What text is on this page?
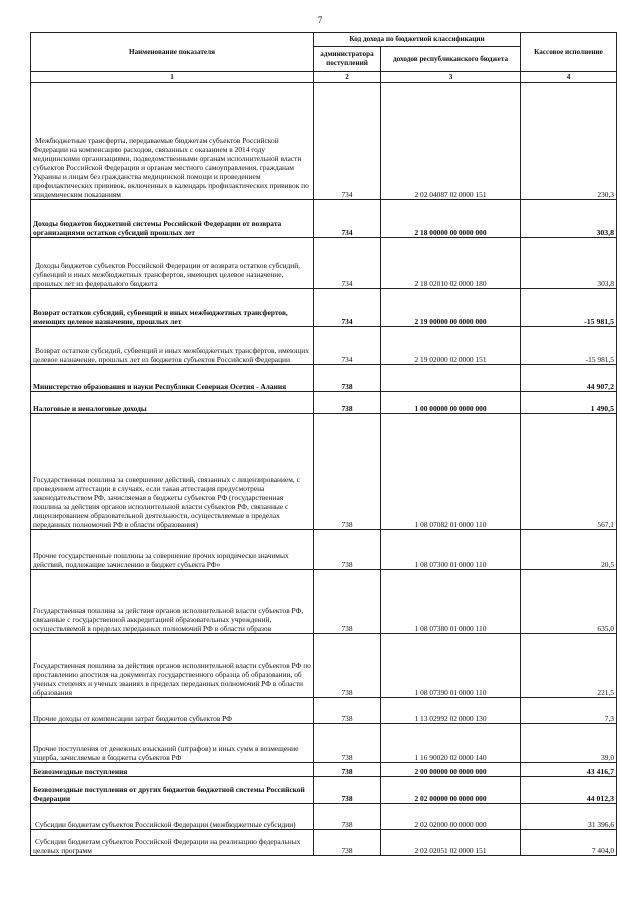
7
Наименование показателя	Код дохода по бюджетной классификации		Кассовое исполнение
	администратора поступлений	доходов республиканского бюджета	
1	2	3	4
Межбюджетные трансферты, передаваемые бюджетам субъектов Российской Федерации на компенсацию расходов, связанных с оказанием в 2014 году медицинскими организациями, подведомственными органам исполнительной власти субъектов Российской Федерации и органам местного самоуправления, гражданам Украины и лицам без гражданства медицинской помощи и проведением профилактических прививок, включенных в календарь профилактических прививок по эпидемическим показаниям	734	2 02 04087 02 0000 151	230,3
Доходы бюджетов бюджетной системы Российской Федерации от возврата организациями остатков субсидий прошлых лет	734	2 18 00000 00 0000 000	303,8
Доходы бюджетов субъектов Российской Федерации от возврата остатков субсидий, субвенций и иных межбюджетных трансфертов, имеющих целевое назначение, прошлых лет из федерального бюджета	734	2 18 02010 02 0000 180	303,8
Возврат остатков субсидий, субвенций и иных межбюджетных трансфертов, имеющих целевое назначение, прошлых лет	734	2 19 00000 00 0000 000	-15 981,5
Возврат остатков субсидий, субвенций и иных межбюджетных трансфертов, имеющих целевое назначение, прошлых лет из бюджетов субъектов Российской Федерации	734	2 19 02000 02 0000 151	-15 981,5
Министерство образования и науки Республики Северная Осетия - Алания	738		44 907,2
Налоговые и неналоговые доходы	738	1 00 00000 00 0000 000	1 490,5
Государственная пошлина за совершение действий, связанных с лицензированием, с проведением аттестации в случаях, если такая аттестация предусмотрена законодательством РФ, зачисляемая в бюджеты субъектов РФ (государственная пошлина за действия органов исполнительной власти субъектов РФ, связанные с лицензированием образовательной деятельности, осуществляемые в пределах переданных полномочий РФ в области образования)	738	1 08 07082 01 0000 110	567,1
Прочие государственные пошлины за совершение прочих юридически значимых действий, подлежащие зачислению в бюджет субъекта РФ»	738	1 08 07300 01 0000 110	20,5
Государственная пошлина за действия органов исполнительной власти субъектов РФ, связанные с государственной аккредитацией образовательных учреждений, осуществляемой в пределах переданных полномочий РФ в области образов	738	1 08 07380 01 0000 110	635,0
Государственная пошлина за действия органов исполнительной власти субъектов РФ по проставлению апостиля на документах государственного образца об образовании, об ученых степенях и ученых званиях в пределах переданных полномочий РФ в области образования	738	1 08 07390 01 0000 110	221,5
Прочие доходы от компенсации затрат бюджетов субъектов РФ	738	1 13 02992 02 0000 130	7,3
Прочие поступления от денежных взысканий (штрафов) и иных сумм в возмещение ущерба, зачисляемые в бюджеты субъектов РФ	738	1 16 90020 02 0000 140	39,0
Безвозмездные поступления	738	2 00 00000 00 0000 000	43 416,7
Безвозмездные поступления от других бюджетов бюджетной системы Российской Федерации	738	2 02 00000 00 0000 000	44 012,3
Субсидии бюджетам субъектов Российской Федерации (межбюджетные субсидии)	738	2 02 02000 00 0000 000	31 396,6
Субсидии бюджетам субъектов Российской Федерации на реализацию федеральных целевых программ	738	2 02 02051 02 0000 151	7 404,0
